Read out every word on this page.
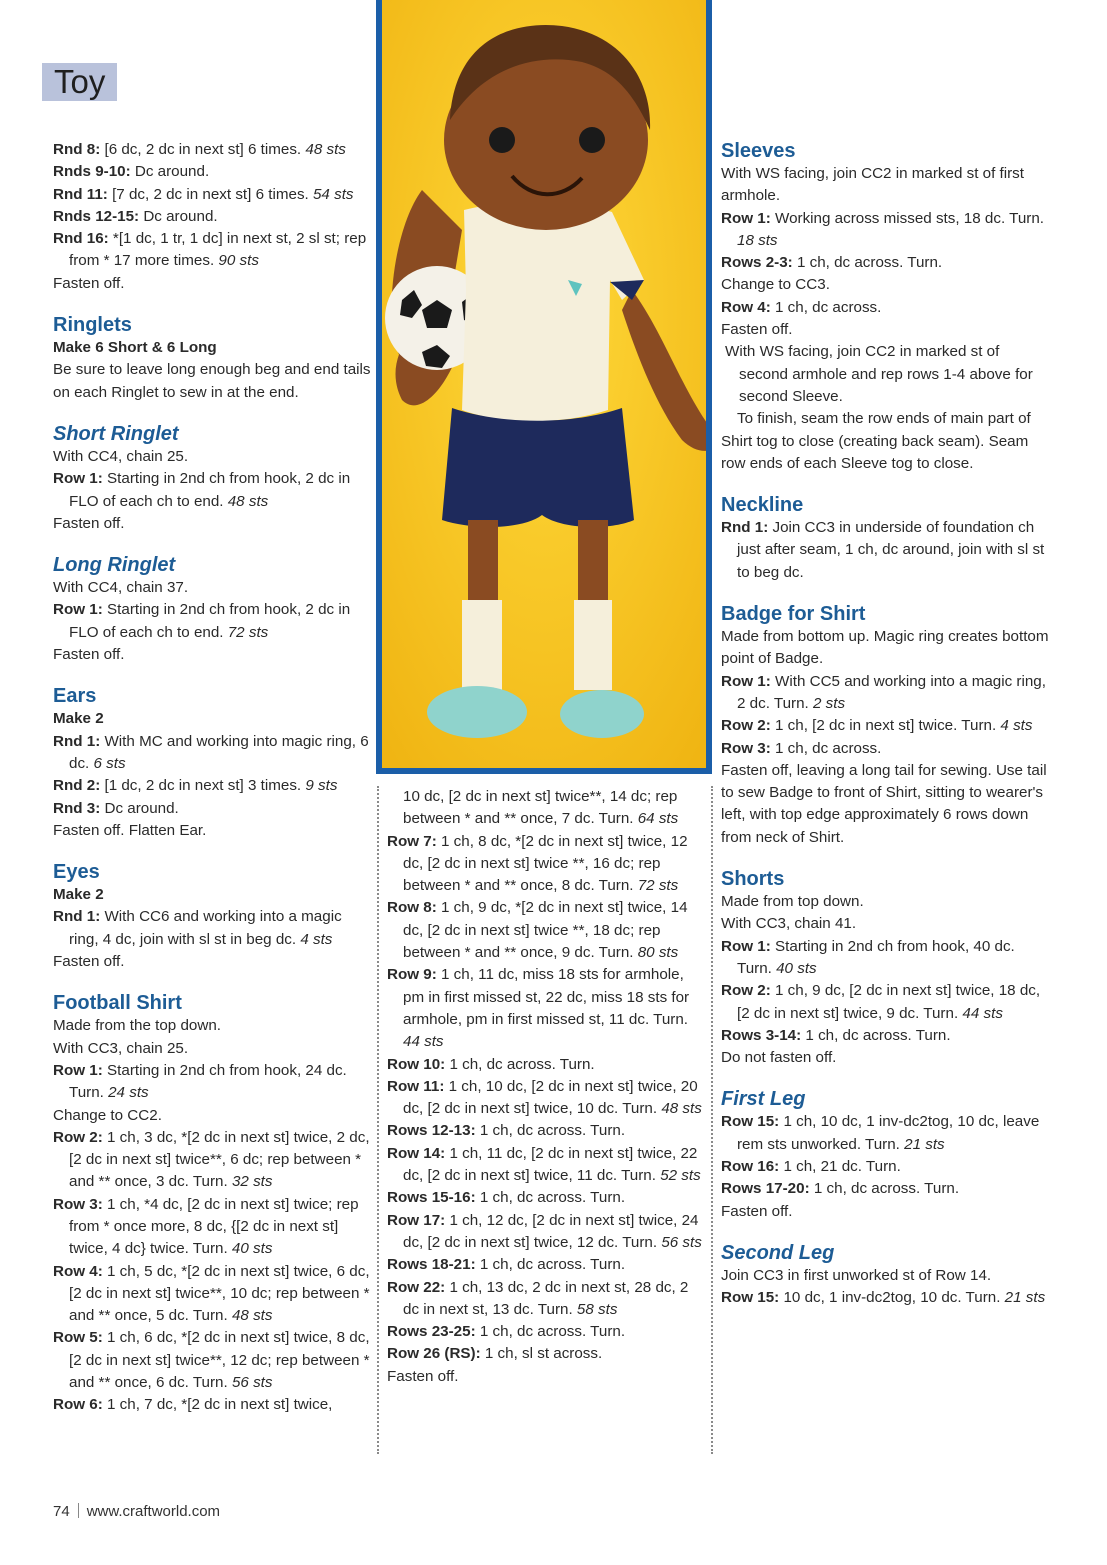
Toy

Rnd 8: [6 dc, 2 dc in next st] 6 times. 48 sts

Rnds 9-10: Dc around.

Rnd 11: [7 dc, 2 dc in next st] 6 times. 54 sts

Rnds 12-15: Dc around.

Rnd 16: *[1 dc, 1 tr, 1 dc] in next st, 2 sl st; rep from * 17 more times. 90 sts

Fasten off.

Ringlets

Make 6 Short & 6 Long

Be sure to leave long enough beg and end tails on each Ringlet to sew in at the end.

Short Ringlet

With CC4, chain 25.

Row 1: Starting in 2nd ch from hook, 2 dc in FLO of each ch to end. 48 sts

Fasten off.

Long Ringlet

With CC4, chain 37.

Row 1: Starting in 2nd ch from hook, 2 dc in FLO of each ch to end. 72 sts

Fasten off.

Ears

Make 2

Rnd 1: With MC and working into magic ring, 6 dc. 6 sts

Rnd 2: [1 dc, 2 dc in next st] 3 times. 9 sts

Rnd 3: Dc around.

Fasten off. Flatten Ear.

Eyes

Make 2

Rnd 1: With CC6 and working into a magic ring, 4 dc, join with sl st in beg dc. 4 sts

Fasten off.

Football Shirt

Made from the top down.

With CC3, chain 25.

Row 1: Starting in 2nd ch from hook, 24 dc. Turn. 24 sts

Change to CC2.

Row 2: 1 ch, 3 dc, *[2 dc in next st] twice, 2 dc, [2 dc in next st] twice**, 6 dc; rep between * and ** once, 3 dc. Turn. 32 sts

Row 3: 1 ch, *4 dc, [2 dc in next st] twice; rep from * once more, 8 dc, {[2 dc in next st] twice, 4 dc} twice. Turn. 40 sts

Row 4: 1 ch, 5 dc, *[2 dc in next st] twice, 6 dc, [2 dc in next st] twice**, 10 dc; rep between * and ** once, 5 dc. Turn. 48 sts

Row 5: 1 ch, 6 dc, *[2 dc in next st] twice, 8 dc, [2 dc in next st] twice**, 12 dc; rep between * and ** once, 6 dc. Turn. 56 sts

Row 6: 1 ch, 7 dc, *[2 dc in next st] twice,

10 dc, [2 dc in next st] twice**, 14 dc; rep between * and ** once, 7 dc. Turn. 64 sts

Row 7: 1 ch, 8 dc, *[2 dc in next st] twice, 12 dc, [2 dc in next st] twice **, 16 dc; rep between * and ** once, 8 dc. Turn. 72 sts

Row 8: 1 ch, 9 dc, *[2 dc in next st] twice, 14 dc, [2 dc in next st] twice **, 18 dc; rep between * and ** once, 9 dc. Turn. 80 sts

Row 9: 1 ch, 11 dc, miss 18 sts for armhole, pm in first missed st, 22 dc, miss 18 sts for armhole, pm in first missed st, 11 dc. Turn. 44 sts

Row 10: 1 ch, dc across. Turn.

Row 11: 1 ch, 10 dc, [2 dc in next st] twice, 20 dc, [2 dc in next st] twice, 10 dc. Turn. 48 sts

Rows 12-13: 1 ch, dc across. Turn.

Row 14: 1 ch, 11 dc, [2 dc in next st] twice, 22 dc, [2 dc in next st] twice, 11 dc. Turn. 52 sts

Rows 15-16: 1 ch, dc across. Turn.

Row 17: 1 ch, 12 dc, [2 dc in next st] twice, 24 dc, [2 dc in next st] twice, 12 dc. Turn. 56 sts

Rows 18-21: 1 ch, dc across. Turn.

Row 22: 1 ch, 13 dc, 2 dc in next st, 28 dc, 2 dc in next st, 13 dc. Turn. 58 sts

Rows 23-25: 1 ch, dc across. Turn.

Row 26 (RS): 1 ch, sl st across.

Fasten off.

Sleeves

With WS facing, join CC2 in marked st of first armhole.

Row 1: Working across missed sts, 18 dc. Turn. 18 sts

Rows 2-3: 1 ch, dc across. Turn.

Change to CC3.

Row 4: 1 ch, dc across.

Fasten off.

With WS facing, join CC2 in marked st of second armhole and rep rows 1-4 above for second Sleeve.

To finish, seam the row ends of main part of Shirt tog to close (creating back seam). Seam row ends of each Sleeve tog to close.

Neckline

Rnd 1: Join CC3 in underside of foundation ch just after seam, 1 ch, dc around, join with sl st to beg dc.

Badge for Shirt

Made from bottom up. Magic ring creates bottom point of Badge.

Row 1: With CC5 and working into a magic ring, 2 dc. Turn. 2 sts

Row 2: 1 ch, [2 dc in next st] twice. Turn. 4 sts

Row 3: 1 ch, dc across.

Fasten off, leaving a long tail for sewing. Use tail to sew Badge to front of Shirt, sitting to wearer's left, with top edge approximately 6 rows down from neck of Shirt.

Shorts

Made from top down.

With CC3, chain 41.

Row 1: Starting in 2nd ch from hook, 40 dc. Turn. 40 sts

Row 2: 1 ch, 9 dc, [2 dc in next st] twice, 18 dc, [2 dc in next st] twice, 9 dc. Turn. 44 sts

Rows 3-14: 1 ch, dc across. Turn.

Do not fasten off.

First Leg

Row 15: 1 ch, 10 dc, 1 inv-dc2tog, 10 dc, leave rem sts unworked. Turn. 21 sts

Row 16: 1 ch, 21 dc. Turn.

Rows 17-20: 1 ch, dc across. Turn.

Fasten off.

Second Leg

Join CC3 in first unworked st of Row 14.

Row 15: 10 dc, 1 inv-dc2tog, 10 dc. Turn. 21 sts

74 www.craftworld.com
